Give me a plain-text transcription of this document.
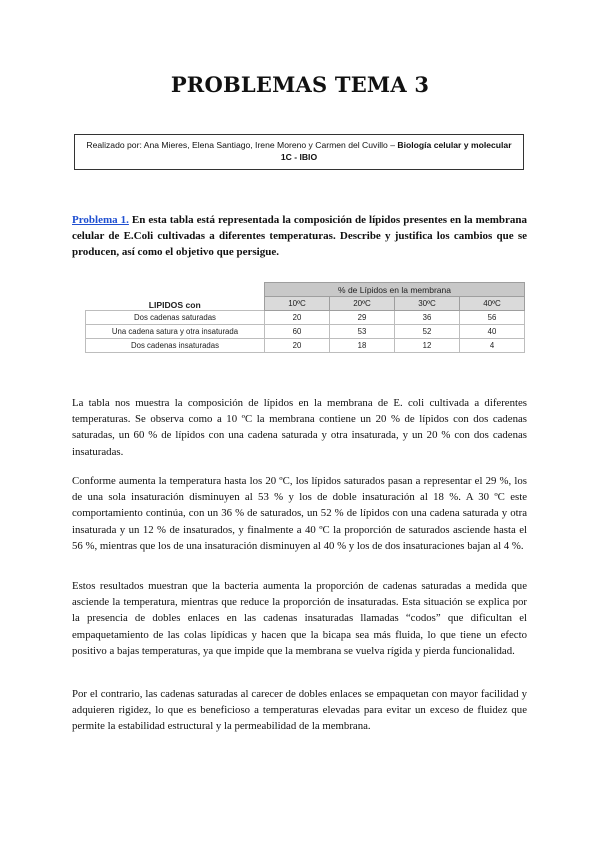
PROBLEMAS TEMA 3
Realizado por: Ana Mieres, Elena Santiago, Irene Moreno y Carmen del Cuvillo – Biología celular y molecular 1C - IBIO
Problema 1. En esta tabla está representada la composición de lípidos presentes en la membrana celular de E.Coli cultivadas a diferentes temperaturas. Describe y justifica los cambios que se producen, así como el objetivo que persigue.
	% de Lípidos en la membrana			
LIPIDOS con	10ºC	20ºC	30ºC	40ºC
Dos cadenas saturadas	20	29	36	56
Una cadena satura y otra insaturada	60	53	52	40
Dos cadenas insaturadas	20	18	12	4
La tabla nos muestra la composición de lípidos en la membrana de E. coli cultivada a diferentes temperaturas. Se observa como a 10 ºC la membrana contiene un 20 % de lípidos con dos cadenas saturadas, un 60 % de lípidos con una cadena saturada y otra insaturada, y un 20 % con dos cadenas insaturadas.
Conforme aumenta la temperatura hasta los 20 ºC, los lípidos saturados pasan a representar el 29 %, los de una sola insaturación disminuyen al 53 % y los de doble insaturación al 18 %. A 30 ºC este comportamiento continúa, con un 36 % de saturados, un 52 % de lípidos con una cadena saturada y otra insaturada y un 12 % de insaturados, y finalmente a 40 ºC la proporción de saturados asciende hasta el 56 %, mientras que los de una insaturación disminuyen al 40 % y los de dos insaturaciones bajan al 4 %.
Estos resultados muestran que la bacteria aumenta la proporción de cadenas saturadas a medida que asciende la temperatura, mientras que reduce la proporción de insaturadas. Esta situación se explica por la presencia de dobles enlaces en las cadenas insaturadas llamadas “codos” que dificultan el empaquetamiento de las colas lipídicas y hacen que la bicapa sea más fluida, lo que tiene un efecto positivo a bajas temperaturas, ya que impide que la membrana se vuelva rígida y pierda funcionalidad.
Por el contrario, las cadenas saturadas al carecer de dobles enlaces se empaquetan con mayor facilidad y adquieren rigidez, lo que es beneficioso a temperaturas elevadas para evitar un exceso de fluidez que permite la estabilidad estructural y la permeabilidad de la membrana.
